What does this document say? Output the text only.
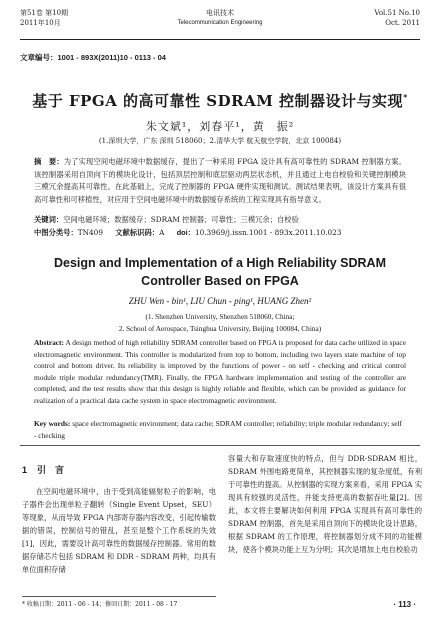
第51卷 第10期
2011年10月
电讯技术
Telecommunication Engineering
Vol.51 No.10
Oct. 2011
文章编号：1001 - 893X(2011)10 - 0113 - 04
基于 FPGA 的高可靠性 SDRAM 控制器设计与实现*
朱文斌¹，刘春平¹，黄　振²
(1.深圳大学，广东 深圳 518060；2.清华大学 航天航空学院，北京 100084)
摘　要：为了实现空间电磁环境中数据缓存，提出了一种采用 FPGA 设计具有高可靠性的 SDRAM 控制器方案。该控制器采用自顶向下的模块化设计，包括顶层控制和底层驱动两层状态机，并且通过上电自校验和关键控制模块三模冗余提高其可靠性。在此基础上，完成了控制器的 FPGA 硬件实现和测试。测试结果表明，该设计方案具有很高可靠性和可移植性，对应用于空间电磁环境中的数据缓存系统的工程实现具有指导意义。
关键词：空间电磁环境；数据缓存；SDRAM 控制器；可靠性；三模冗余；自校验
中图分类号：TN409 文献标识码：A doi：10.3969/j.issn.1001 - 893x.2011.10.023
Design and Implementation of a High Reliability SDRAM
Controller Based on FPGA
ZHU Wen - bin¹, LIU Chun - ping¹, HUANG Zhen²
(1. Shenzhen University, Shenzhen 518060, China;
2. School of Aerospace, Tsinghua University, Beijing 100084, China)
Abstract: A design method of high reliability SDRAM controller based on FPGA is proposed for data cache utilized in space electromagnetic environment. This controller is modularized from top to bottom, including two layers state machine of top control and bottom driver. Its reliability is improved by the functions of power - on self - checking and critical control module triple modular redundancy(TMR). Finally, the FPGA hardware implementation and testing of the controller are completed, and the test results show that this design is highly reliable and flexible, which can be provided as guidance for realization of a practical data cache system in space electromagnetic environment.
Key words: space electromagnetic environment; data cache; SDRAM controller; reliability; triple modular redundancy; self - checking
1 引　言

在空间电磁环境中，由于受到高能辐射粒子的影响，电子器件会出现单粒子翻转（Single Event Upset，SEU）等现象，从而导致 FPGA 内部寄存器内容改变，引起传输数据的错误，控制信号的错乱，甚至是整个工作系统的失效[1]，因此，需要设计高可靠性的数据缓存控制器。常用的数据存储芯片包括 SDRAM 和 DDR - SDRAM 两种，均具有单位面积存储

容量大和存取速度快的特点，但与 DDR-SDRAM 相比，SDRAM 外围电路更简单，其控制器实现的复杂度低，有利于可靠性的提高。从控制器的实现方案来看，采用 FPGA 实现具有较强的灵活性，并能支持更高的数据吞吐量[2]。因此，本文将主要解决如何利用 FPGA 实现具有高可靠性的 SDRAM 控制器，首先是采用自顶向下的模块化设计思路，根据 SDRAM 的工作原理，将控制器划分成不同的功能模块，使各个模块功能上互为分明；其次是增加上电自校验功

* 收稿日期：2011 - 06 - 14；修回日期：2011 - 08 - 17	· 113 ·
